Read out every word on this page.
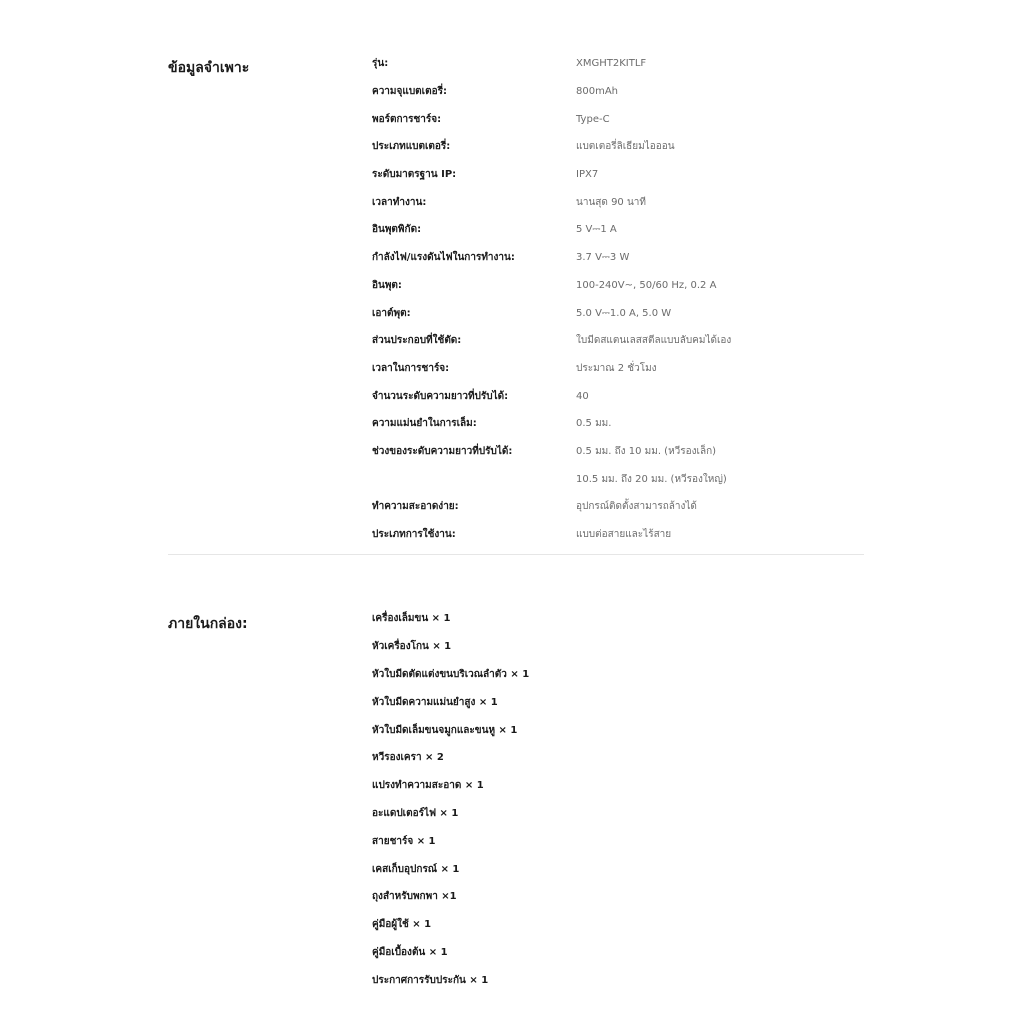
ข้อมูลจำเพาะ	รุ่น:	XMGHT2KITLF
ความจุแบตเตอรี่:	800mAh
พอร์ตการชาร์จ:	Type-C
ประเภทแบตเตอรี่:	แบตเตอรี่ลิเธียมไอออน
ระดับมาตรฐาน IP:	IPX7
เวลาทำงาน:	นานสุด 90 นาที
อินพุตพิกัด:	5 V⎓1 A
กำลังไฟ/แรงดันไฟในการทำงาน:	3.7 V⎓3 W
อินพุต:	100-240V~, 50/60 Hz, 0.2 A
เอาต์พุต:	5.0 V⎓1.0 A, 5.0 W
ส่วนประกอบที่ใช้ตัด:	ใบมีดสแตนเลสสตีลแบบลับคมได้เอง
เวลาในการชาร์จ:	ประมาณ 2 ชั่วโมง
จำนวนระดับความยาวที่ปรับได้:	40
ความแม่นยำในการเล็ม:	0.5 มม.
ช่วงของระดับความยาวที่ปรับได้:	0.5 มม. ถึง 10 มม. (หวีรองเล็ก)
10.5 มม. ถึง 20 มม. (หวีรองใหญ่)
ทำความสะอาดง่าย:	อุปกรณ์ติดตั้งสามารถล้างได้
ประเภทการใช้งาน:	แบบต่อสายและไร้สาย
ภายในกล่อง:	เครื่องเล็มขน × 1
หัวเครื่องโกน × 1
หัวใบมีดตัดแต่งขนบริเวณลำตัว × 1
หัวใบมีดความแม่นยำสูง × 1
หัวใบมีดเล็มขนจมูกและขนหู × 1
หวีรองเครา × 2
แปรงทำความสะอาด × 1
อะแดปเตอร์ไฟ × 1
สายชาร์จ × 1
เคสเก็บอุปกรณ์ × 1
ถุงสำหรับพกพา ×1
คู่มือผู้ใช้ × 1
คู่มือเบื้องต้น × 1
ประกาศการรับประกัน × 1
